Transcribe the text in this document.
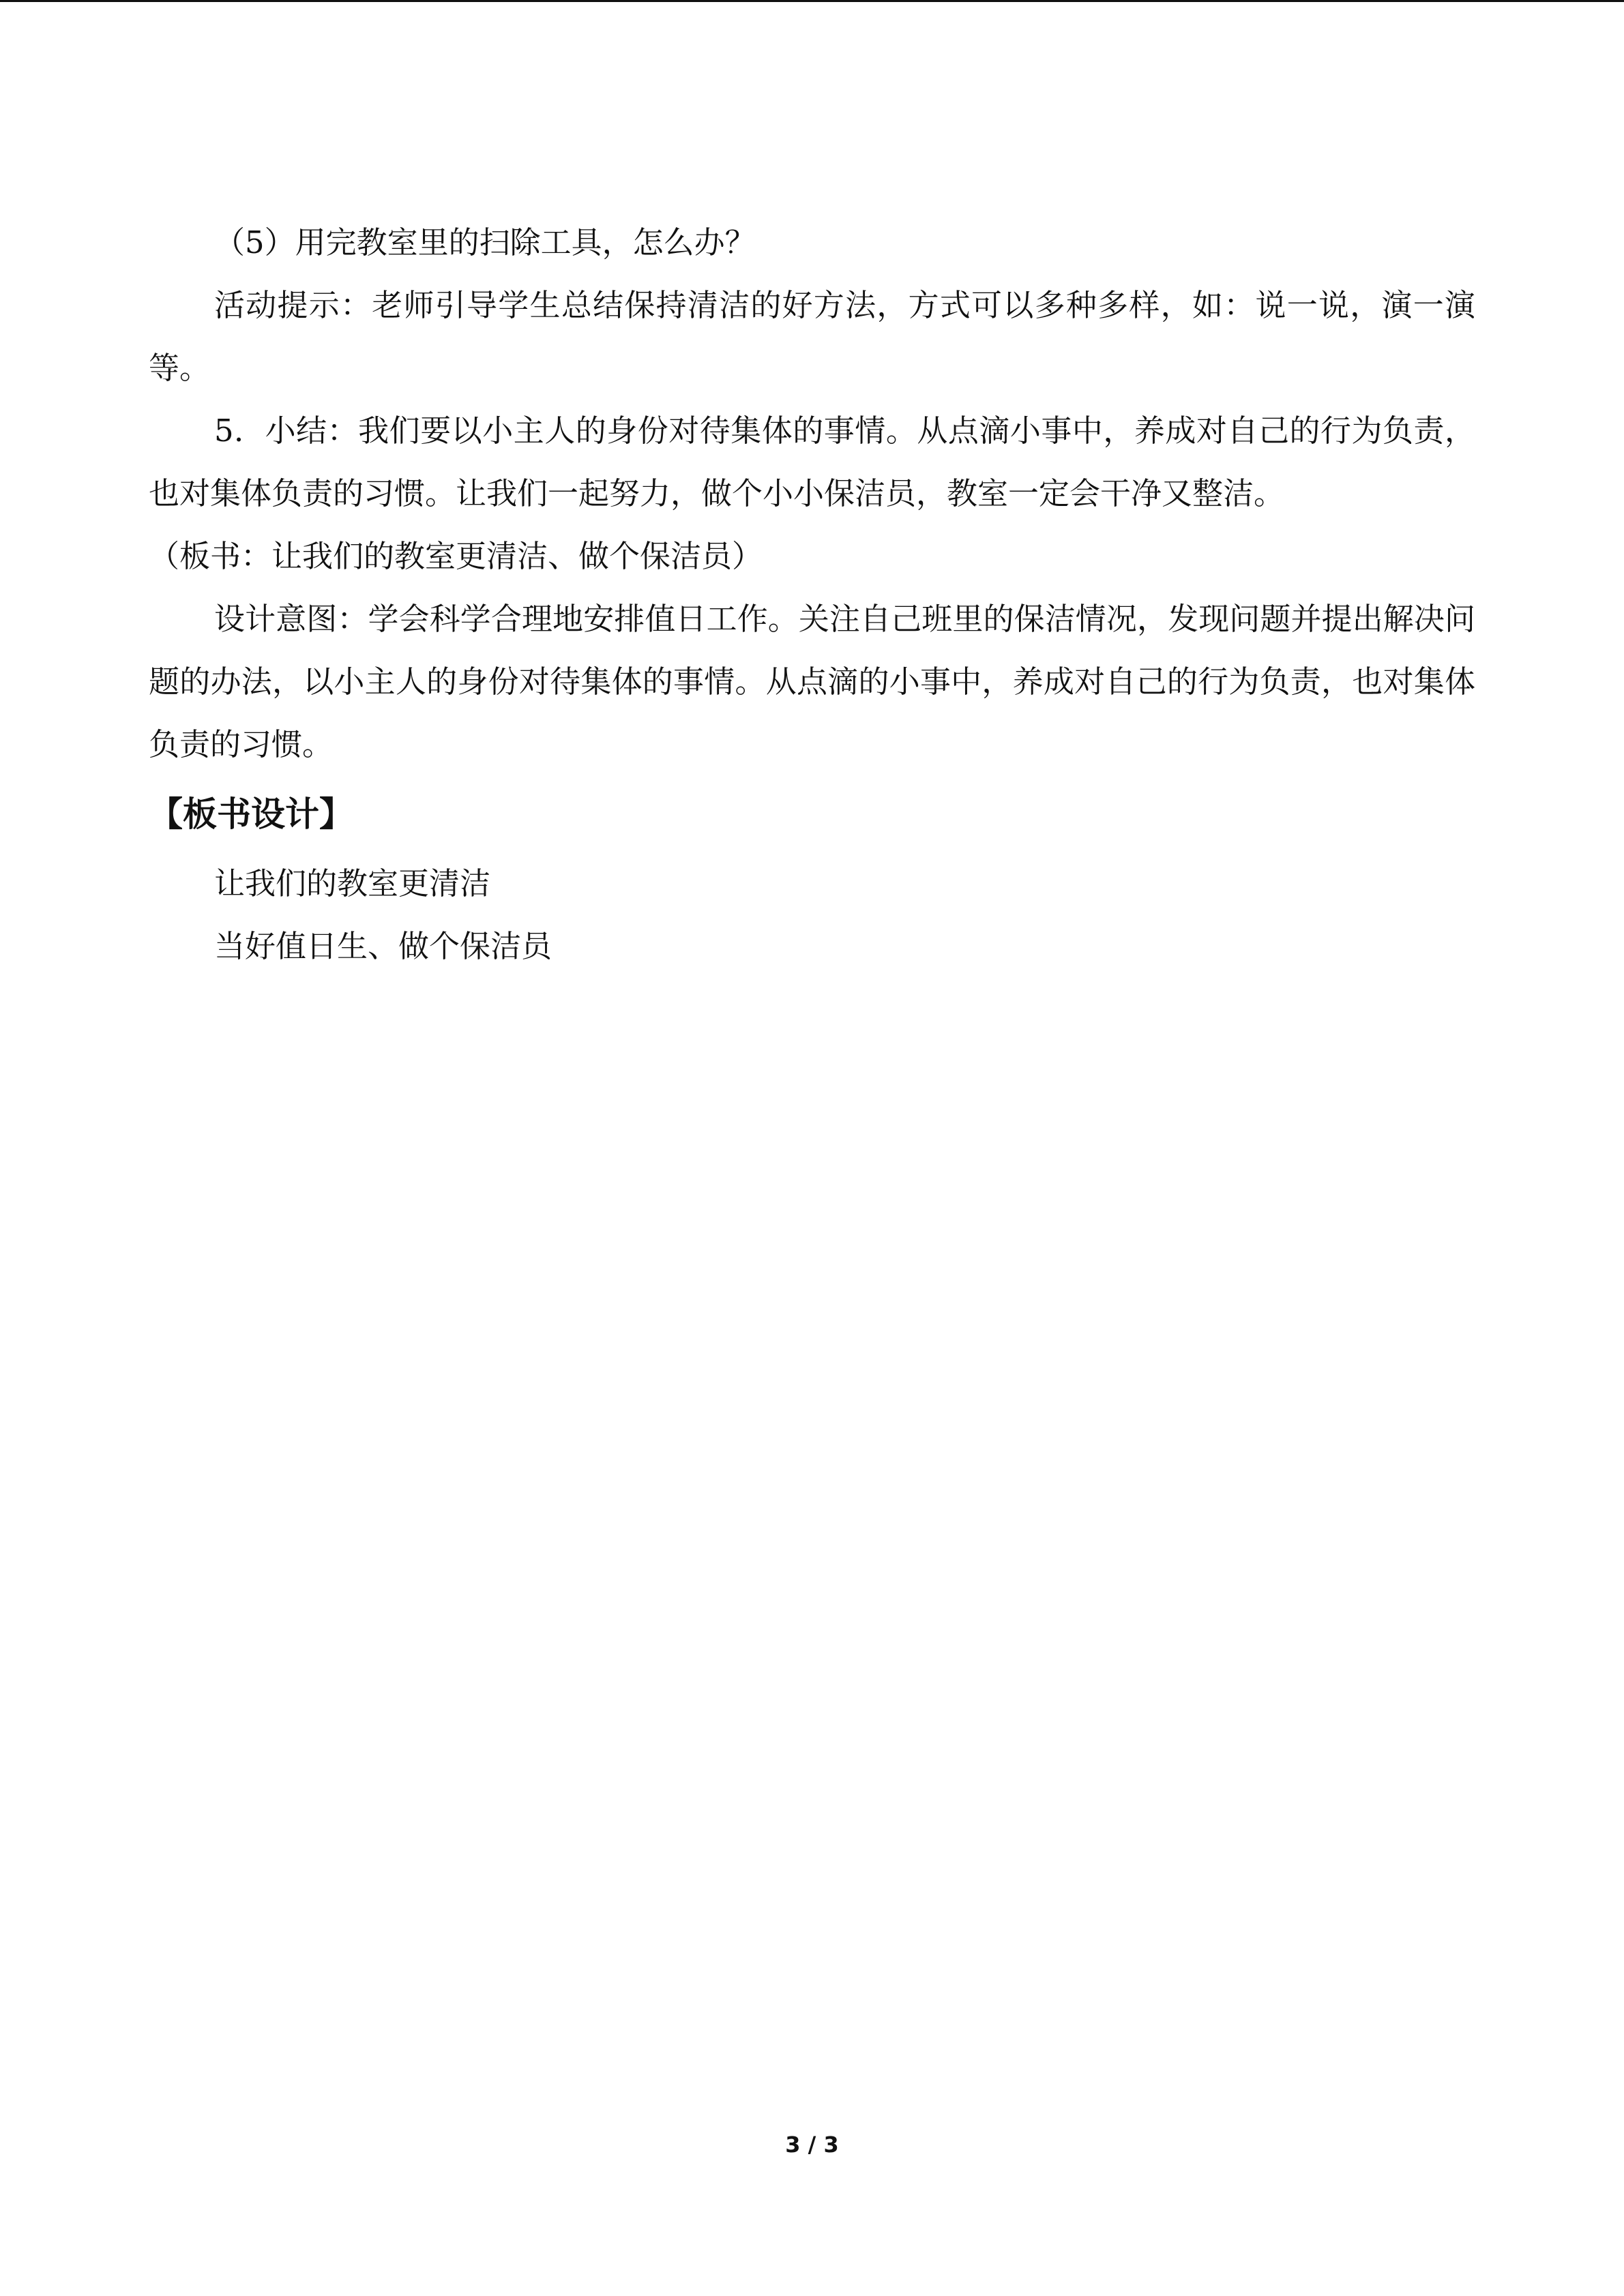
（5）用完教室里的扫除工具，怎么办？

活动提示：老师引导学生总结保持清洁的好方法，方式可以多种多样，如：说一说，演一演等。

5．小结：我们要以小主人的身份对待集体的事情。从点滴小事中，养成对自己的行为负责，也对集体负责的习惯。让我们一起努力，做个小小保洁员，教室一定会干净又整洁。

（板书：让我们的教室更清洁、做个保洁员）

设计意图：学会科学合理地安排值日工作。关注自己班里的保洁情况，发现问题并提出解决问题的办法，以小主人的身份对待集体的事情。从点滴的小事中，养成对自己的行为负责，也对集体负责的习惯。

【板书设计】

让我们的教室更清洁

当好值日生、做个保洁员

3 / 3
